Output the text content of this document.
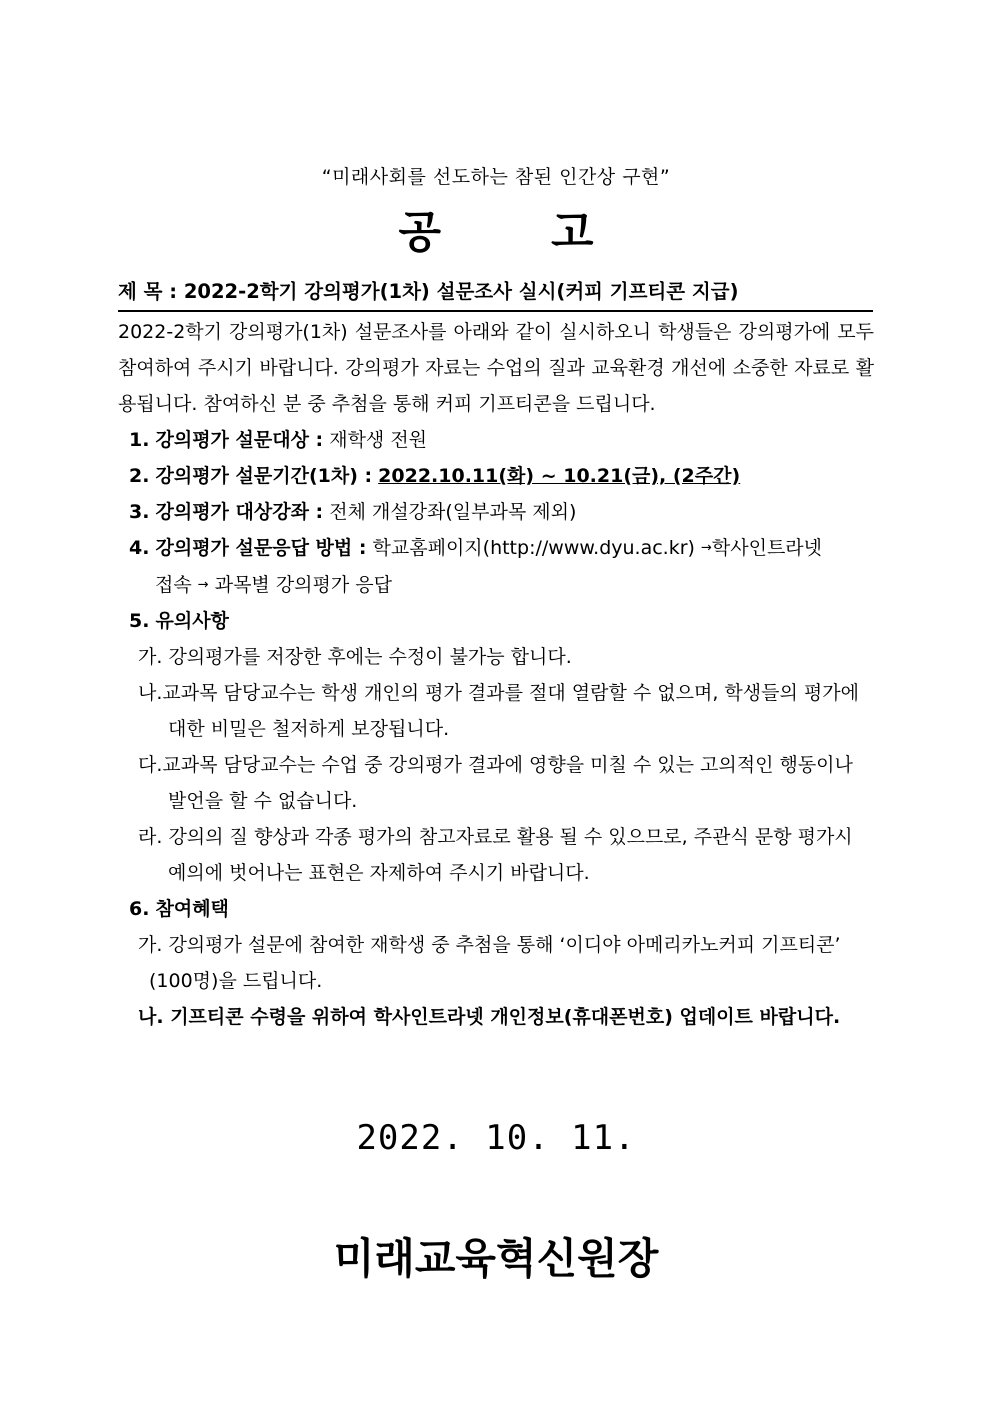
“미래사회를 선도하는 참된 인간상 구현”
공	고
제 목 : 2022-2학기 강의평가(1차) 설문조사 실시(커피 기프티콘 지급)

2022-2학기 강의평가(1차) 설문조사를 아래와 같이 실시하오니 학생들은 강의평가에 모두 참여하여 주시기 바랍니다. 강의평가 자료는 수업의 질과 교육환경 개선에 소중한 자료로 활용됩니다. 참여하신 분 중 추첨을 통해 커피 기프티콘을 드립니다.

1. 강의평가 설문대상 : 재학생 전원
2. 강의평가 설문기간(1차) : 2022.10.11(화) ~ 10.21(금), (2주간)
3. 강의평가 대상강좌 : 전체 개설강좌(일부과목 제외)
4. 강의평가 설문응답 방법 : 학교홈페이지(http://www.dyu.ac.kr) →학사인트라넷
접속 → 과목별 강의평가 응답
5. 유의사항
가. 강의평가를 저장한 후에는 수정이 불가능 합니다.
나.교과목 담당교수는 학생 개인의 평가 결과를 절대 열람할 수 없으며, 학생들의 평가에
대한 비밀은 철저하게 보장됩니다.
다.교과목 담당교수는 수업 중 강의평가 결과에 영향을 미칠 수 있는 고의적인 행동이나
발언을 할 수 없습니다.
라. 강의의 질 향상과 각종 평가의 참고자료로 활용 될 수 있으므로, 주관식 문항 평가시
예의에 벗어나는 표현은 자제하여 주시기 바랍니다.
6. 참여혜택
가. 강의평가 설문에 참여한 재학생 중 추첨을 통해 ‘이디야 아메리카노커피 기프티콘’
(100명)을 드립니다.
나. 기프티콘 수령을 위하여 학사인트라넷 개인정보(휴대폰번호) 업데이트 바랍니다.
2022. 10. 11.
미래교육혁신원장
